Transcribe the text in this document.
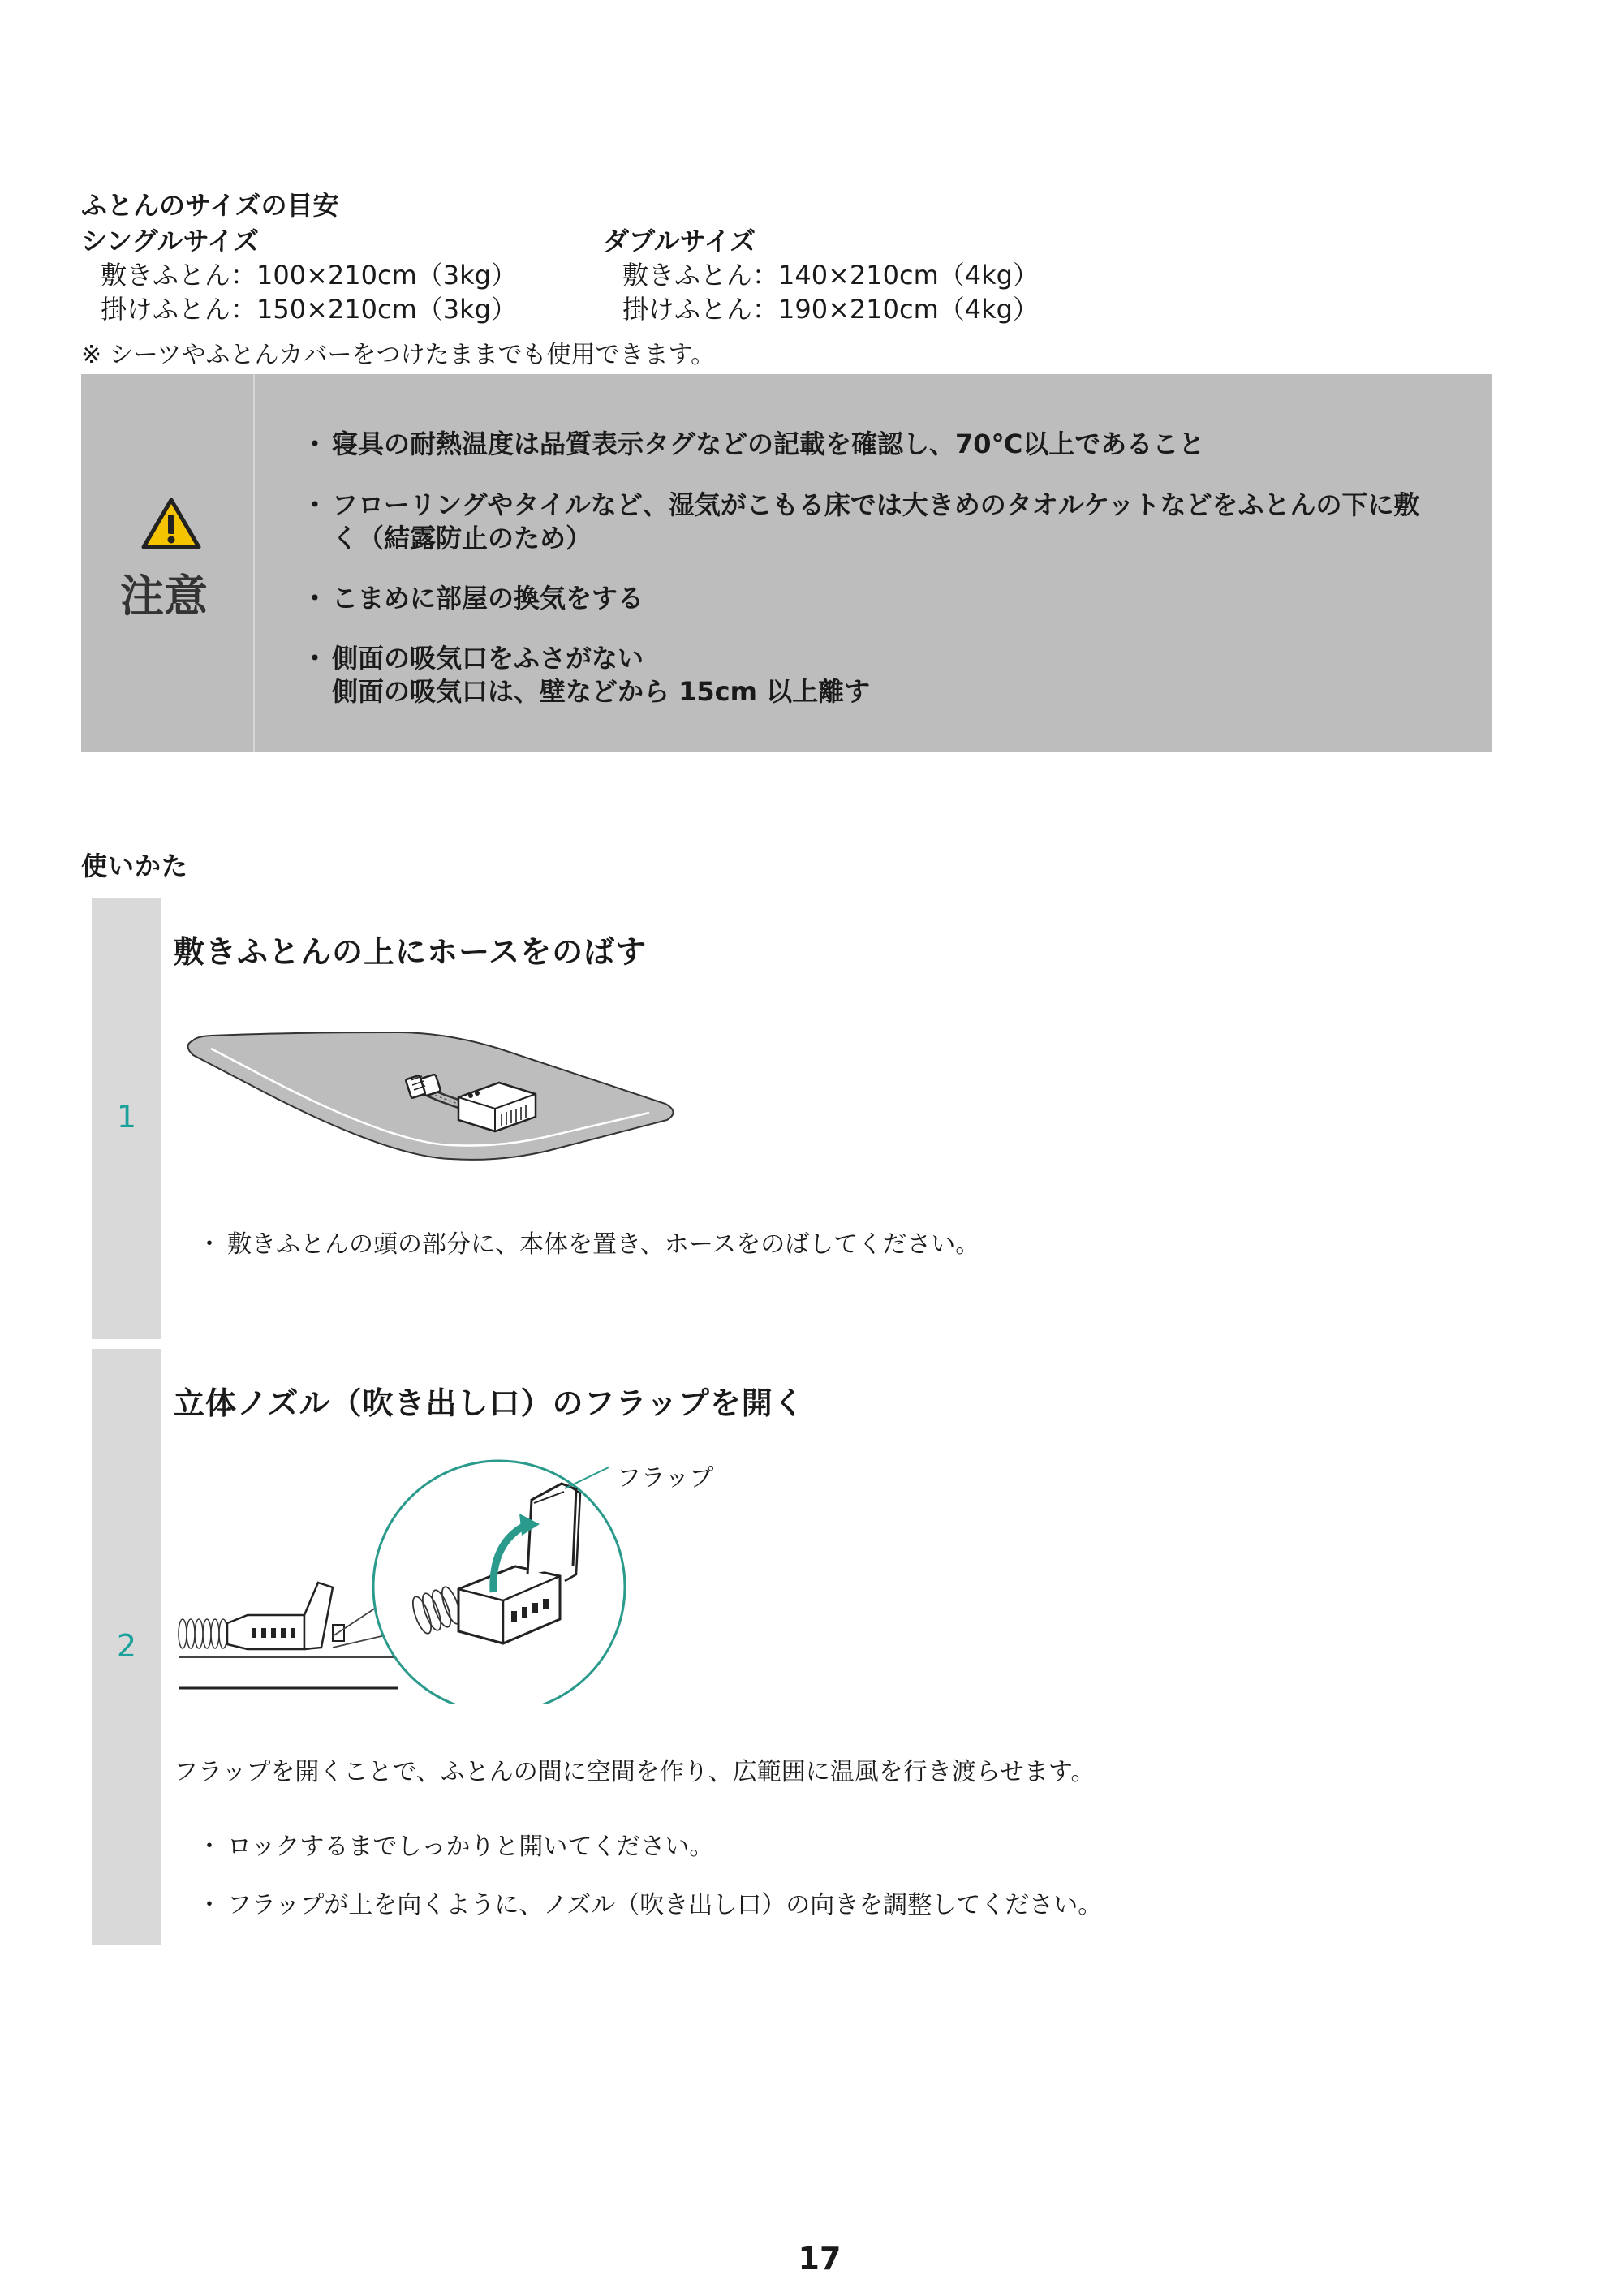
ふとんのサイズの目安
シングルサイズ
敷きふとん：100×210cm（3kg）
掛けふとん：150×210cm（3kg）
ダブルサイズ
敷きふとん：140×210cm（4kg）
掛けふとん：190×210cm（4kg）
※ シーツやふとんカバーをつけたままでも使用できます。
注意
・ 寝具の耐熱温度は品質表示タグなどの記載を確認し、70℃以上であること
・ フローリングやタイルなど、湿気がこもる床では大きめのタオルケットなどをふとんの下に敷
く（結露防止のため）
・ こまめに部屋の換気をする
・ 側面の吸気口をふさがない
側面の吸気口は、壁などから 15cm 以上離す
使いかた
1
敷きふとんの上にホースをのばす
・ 敷きふとんの頭の部分に、本体を置き、ホースをのばしてください。
2
立体ノズル（吹き出し口）のフラップを開く
フラップ
フラップを開くことで、ふとんの間に空間を作り、広範囲に温風を行き渡らせます。
・ ロックするまでしっかりと開いてください。
・ フラップが上を向くように、ノズル（吹き出し口）の向きを調整してください。
17
